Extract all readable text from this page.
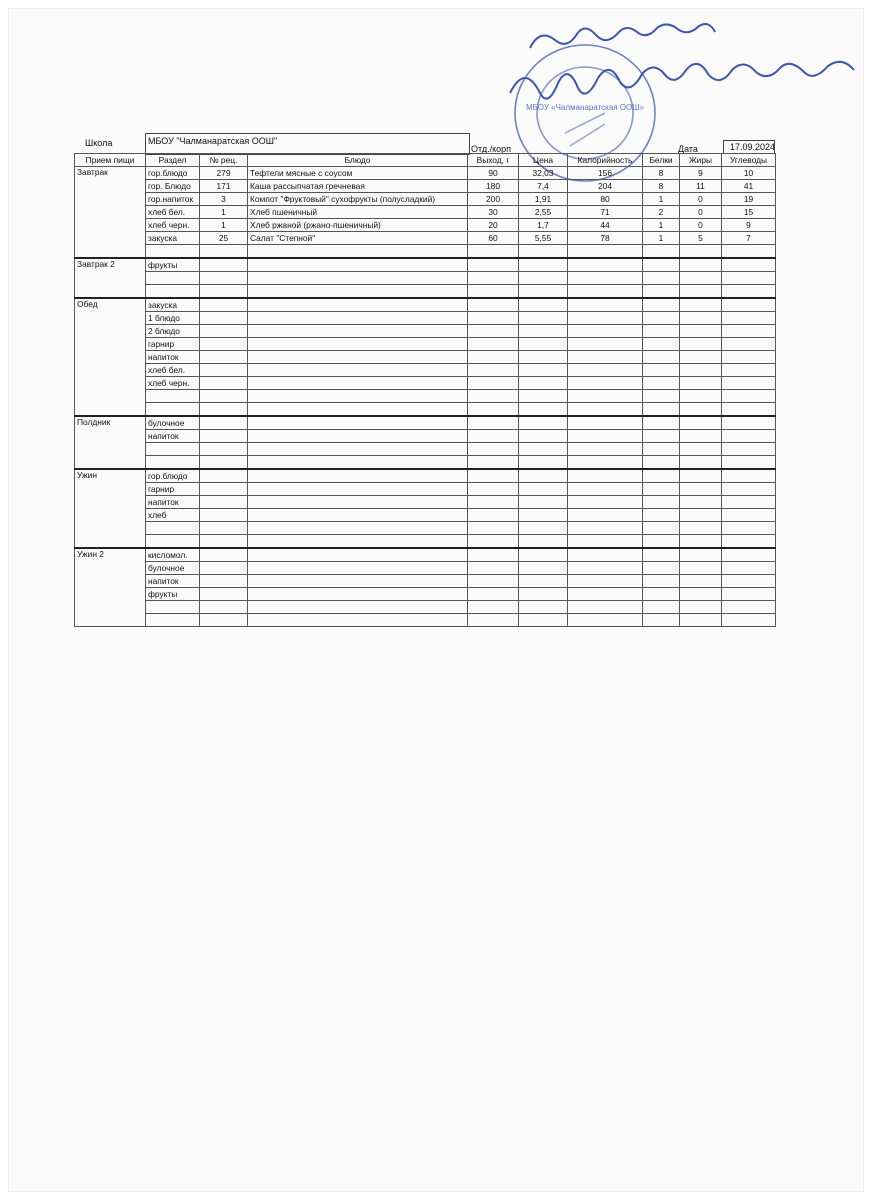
МБОУ «Чалманаратская ООШ»
Школа	МБОУ "Чалманаратская ООШ"
Отд./корп	Дата	17.09.2024
Прием пищи	Раздел	№ рец.	Блюдо	Выход, г	Цена	Калорийность	Белки	Жиры	Углеводы
Завтрак	гор.блюдо	279	Тефтели мясные с соусом	90	32,03	156	8	9	10
	гор. Блюдо	171	Каша рассыпчатая гречневая	180	7,4	204	8	11	41
	гор.напиток	3	Компот "Фруктовый" сухофрукты (полусладкий)	200	1,91	80	1	0	19
	хлеб бел.	1	Хлеб пшеничный	30	2,55	71	2	0	15
	хлеб черн.	1	Хлеб ржаной (ржано-пшеничный)	20	1,7	44	1	0	9
	закуска	25	Салат "Степной"	60	5,55	78	1	5	7

Завтрак 2	фрукты								

Обед	закуска								
	1 блюдо								
	2 блюдо								
	гарнир								
	напиток								
	хлеб бел.								
	хлеб черн.								

Полдник	булочное								
	напиток								

Ужин	гор.блюдо								
	гарнир								
	напиток								
	хлеб								

Ужин 2	кисломол.								
	булочное								
	напиток								
	фрукты								
